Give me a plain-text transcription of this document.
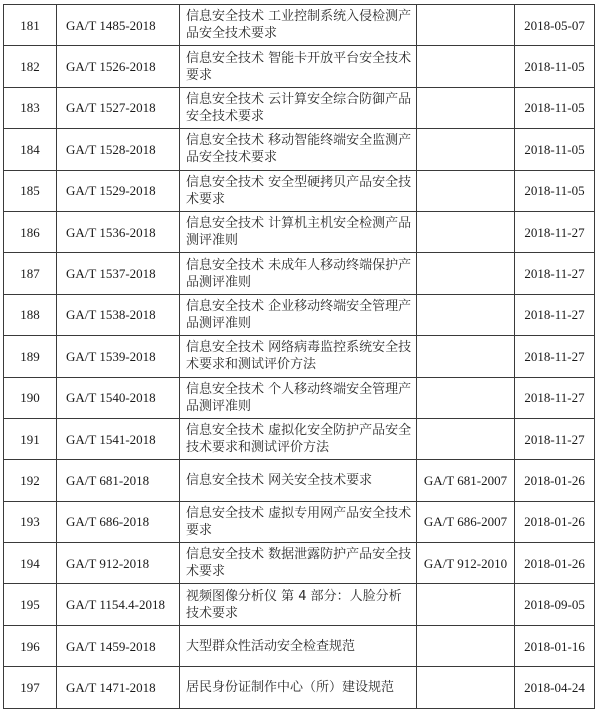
181	GA/T 1485-2018	信息安全技术 工业控制系统入侵检测产品安全技术要求		2018-05-07
182	GA/T 1526-2018	信息安全技术 智能卡开放平台安全技术要求		2018-11-05
183	GA/T 1527-2018	信息安全技术 云计算安全综合防御产品安全技术要求		2018-11-05
184	GA/T 1528-2018	信息安全技术 移动智能终端安全监测产品安全技术要求		2018-11-05
185	GA/T 1529-2018	信息安全技术 安全型硬拷贝产品安全技术要求		2018-11-05
186	GA/T 1536-2018	信息安全技术 计算机主机安全检测产品测评准则		2018-11-27
187	GA/T 1537-2018	信息安全技术 未成年人移动终端保护产品测评准则		2018-11-27
188	GA/T 1538-2018	信息安全技术 企业移动终端安全管理产品测评准则		2018-11-27
189	GA/T 1539-2018	信息安全技术 网络病毒监控系统安全技术要求和测试评价方法		2018-11-27
190	GA/T 1540-2018	信息安全技术 个人移动终端安全管理产品测评准则		2018-11-27
191	GA/T 1541-2018	信息安全技术 虚拟化安全防护产品安全技术要求和测试评价方法		2018-11-27
192	GA/T 681-2018	信息安全技术 网关安全技术要求	GA/T 681-2007	2018-01-26
193	GA/T 686-2018	信息安全技术 虚拟专用网产品安全技术要求	GA/T 686-2007	2018-01-26
194	GA/T 912-2018	信息安全技术 数据泄露防护产品安全技术要求	GA/T 912-2010	2018-01-26
195	GA/T 1154.4-2018	视频图像分析仪 第 4 部分：人脸分析技术要求		2018-09-05
196	GA/T 1459-2018	大型群众性活动安全检查规范		2018-01-16
197	GA/T 1471-2018	居民身份证制作中心（所）建设规范		2018-04-24
